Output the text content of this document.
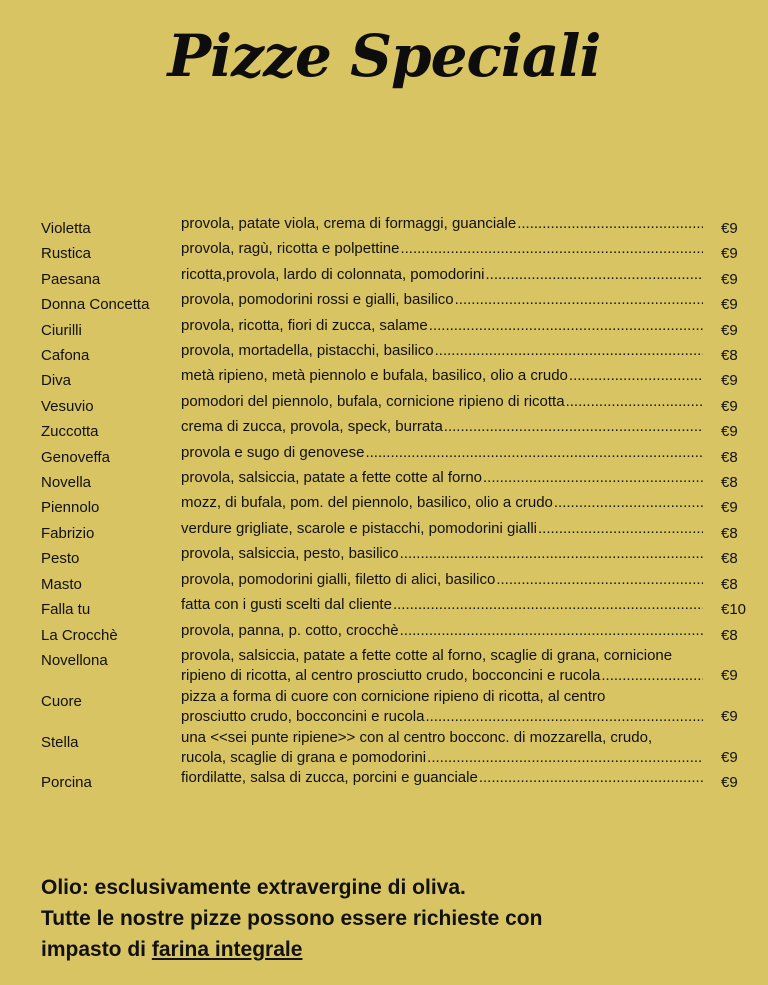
Pizze Speciali
Violetta	provola, patate viola, crema di formaggi, guanciale .....	€9
Rustica	provola, ragù, ricotta e polpettine .....	€9
Paesana	ricotta,provola, lardo di colonnata, pomodorini .....	€9
Donna Concetta	provola, pomodorini rossi e gialli, basilico .....	€9
Ciurilli	provola, ricotta, fiori di zucca, salame .....	€9
Cafona	provola, mortadella, pistacchi, basilico .....	€8
Diva	metà ripieno, metà piennolo e bufala, basilico, olio a crudo .....	€9
Vesuvio	pomodori del piennolo, bufala, cornicione ripieno di ricotta .....	€9
Zuccotta	crema di zucca, provola, speck, burrata .....	€9
Genoveffa	provola e sugo di genovese .....	€8
Novella	provola, salsiccia, patate a fette cotte al forno .....	€8
Piennolo	mozz, di bufala, pom. del piennolo, basilico, olio a crudo .....	€9
Fabrizio	verdure grigliate, scarole e pistacchi, pomodorini gialli .....	€8
Pesto	provola, salsiccia, pesto, basilico .....	€8
Masto	provola, pomodorini gialli, filetto di alici, basilico .....	€8
Falla tu	fatta con i gusti scelti dal cliente .....	€10
La Crocchè	provola, panna, p. cotto, crocchè .....	€8
Novellona	provola, salsiccia, patate a fette cotte al forno, scaglie di grana, cornicione
ripieno di ricotta, al centro prosciutto crudo, bocconcini e rucola .....	€9
Cuore	pizza a forma di cuore con cornicione ripieno di ricotta, al centro
prosciutto crudo, bocconcini e rucola .....	€9
Stella	una <<sei punte ripiene>> con al centro bocconc. di mozzarella, crudo,
rucola, scaglie di grana e pomodorini .....	€9
Porcina	fiordilatte, salsa di zucca, porcini e guanciale .....	€9
Olio: esclusivamente extravergine di oliva.
Tutte le nostre pizze possono essere richieste con
impasto di farina integrale
